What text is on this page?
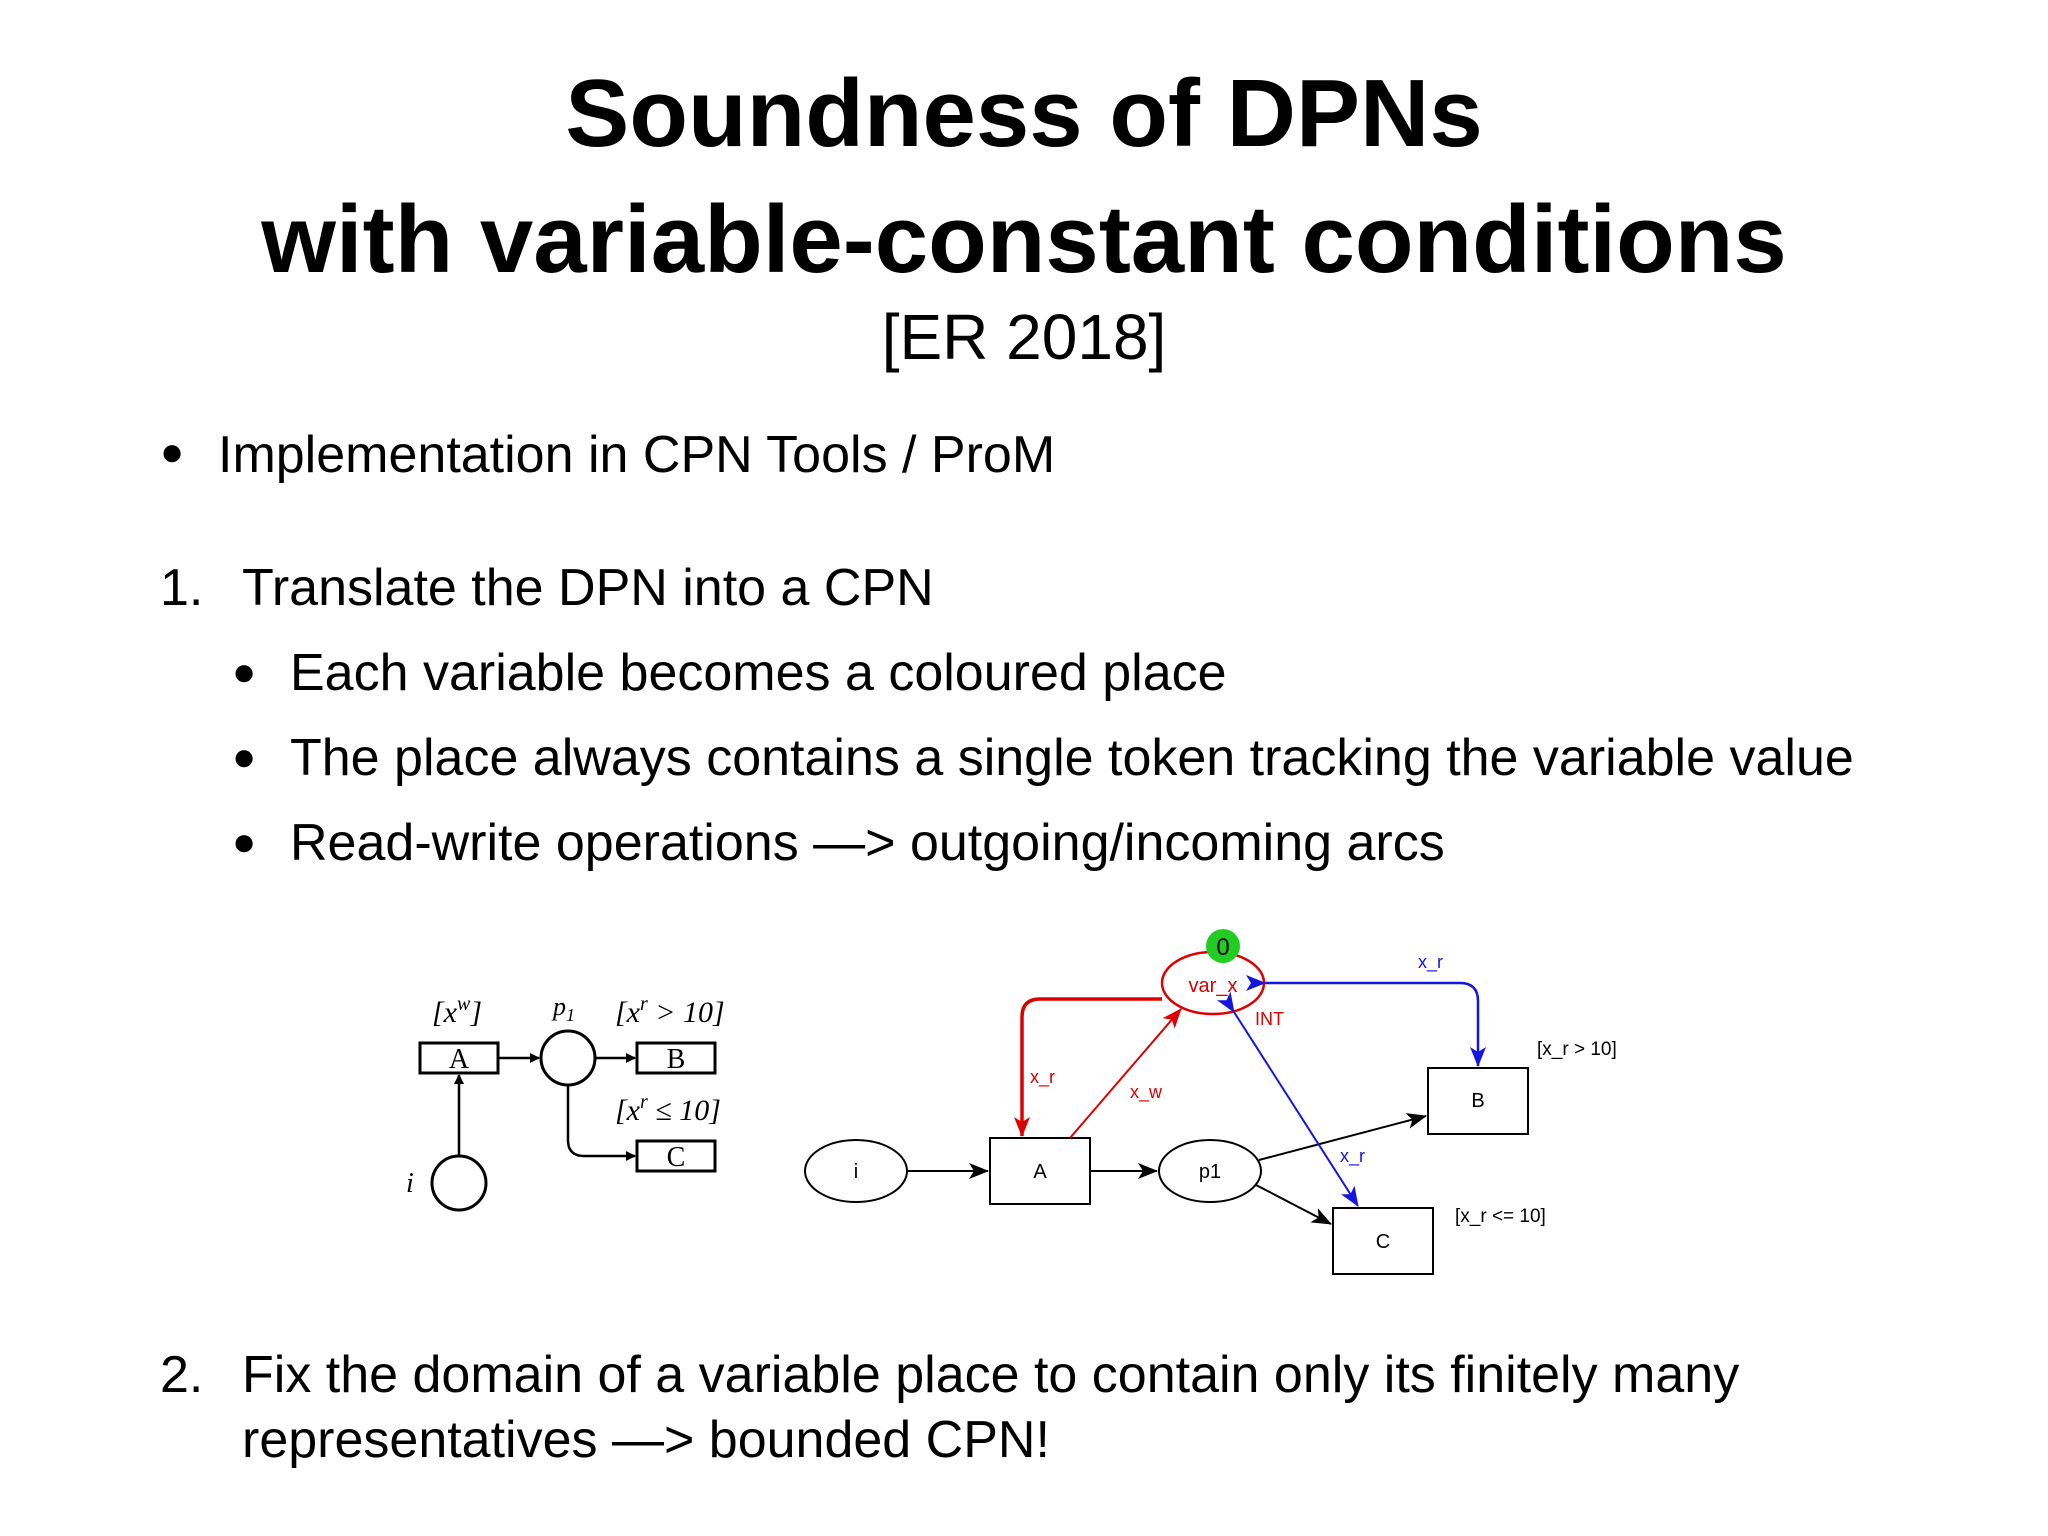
Soundness of DPNs
with variable-constant conditions
[ER 2018]
● Implementation in CPN Tools / ProM
1. Translate the DPN into a CPN
● Each variable becomes a coloured place
● The place always contains a single token tracking the variable value
● Read-write operations —> outgoing/incoming arcs
$[x^w]$
A
$p_1$ $[x^r > 10]$
B
$[x^r \le 10]$
C
i
var_x
0
INT
i	A	p1
B
[x_r > 10]
C
[x_r <= 10]
x_r
x_w
x_r
x_r
2. Fix the domain of a variable place to contain only its finitely many
representatives —> bounded CPN!
